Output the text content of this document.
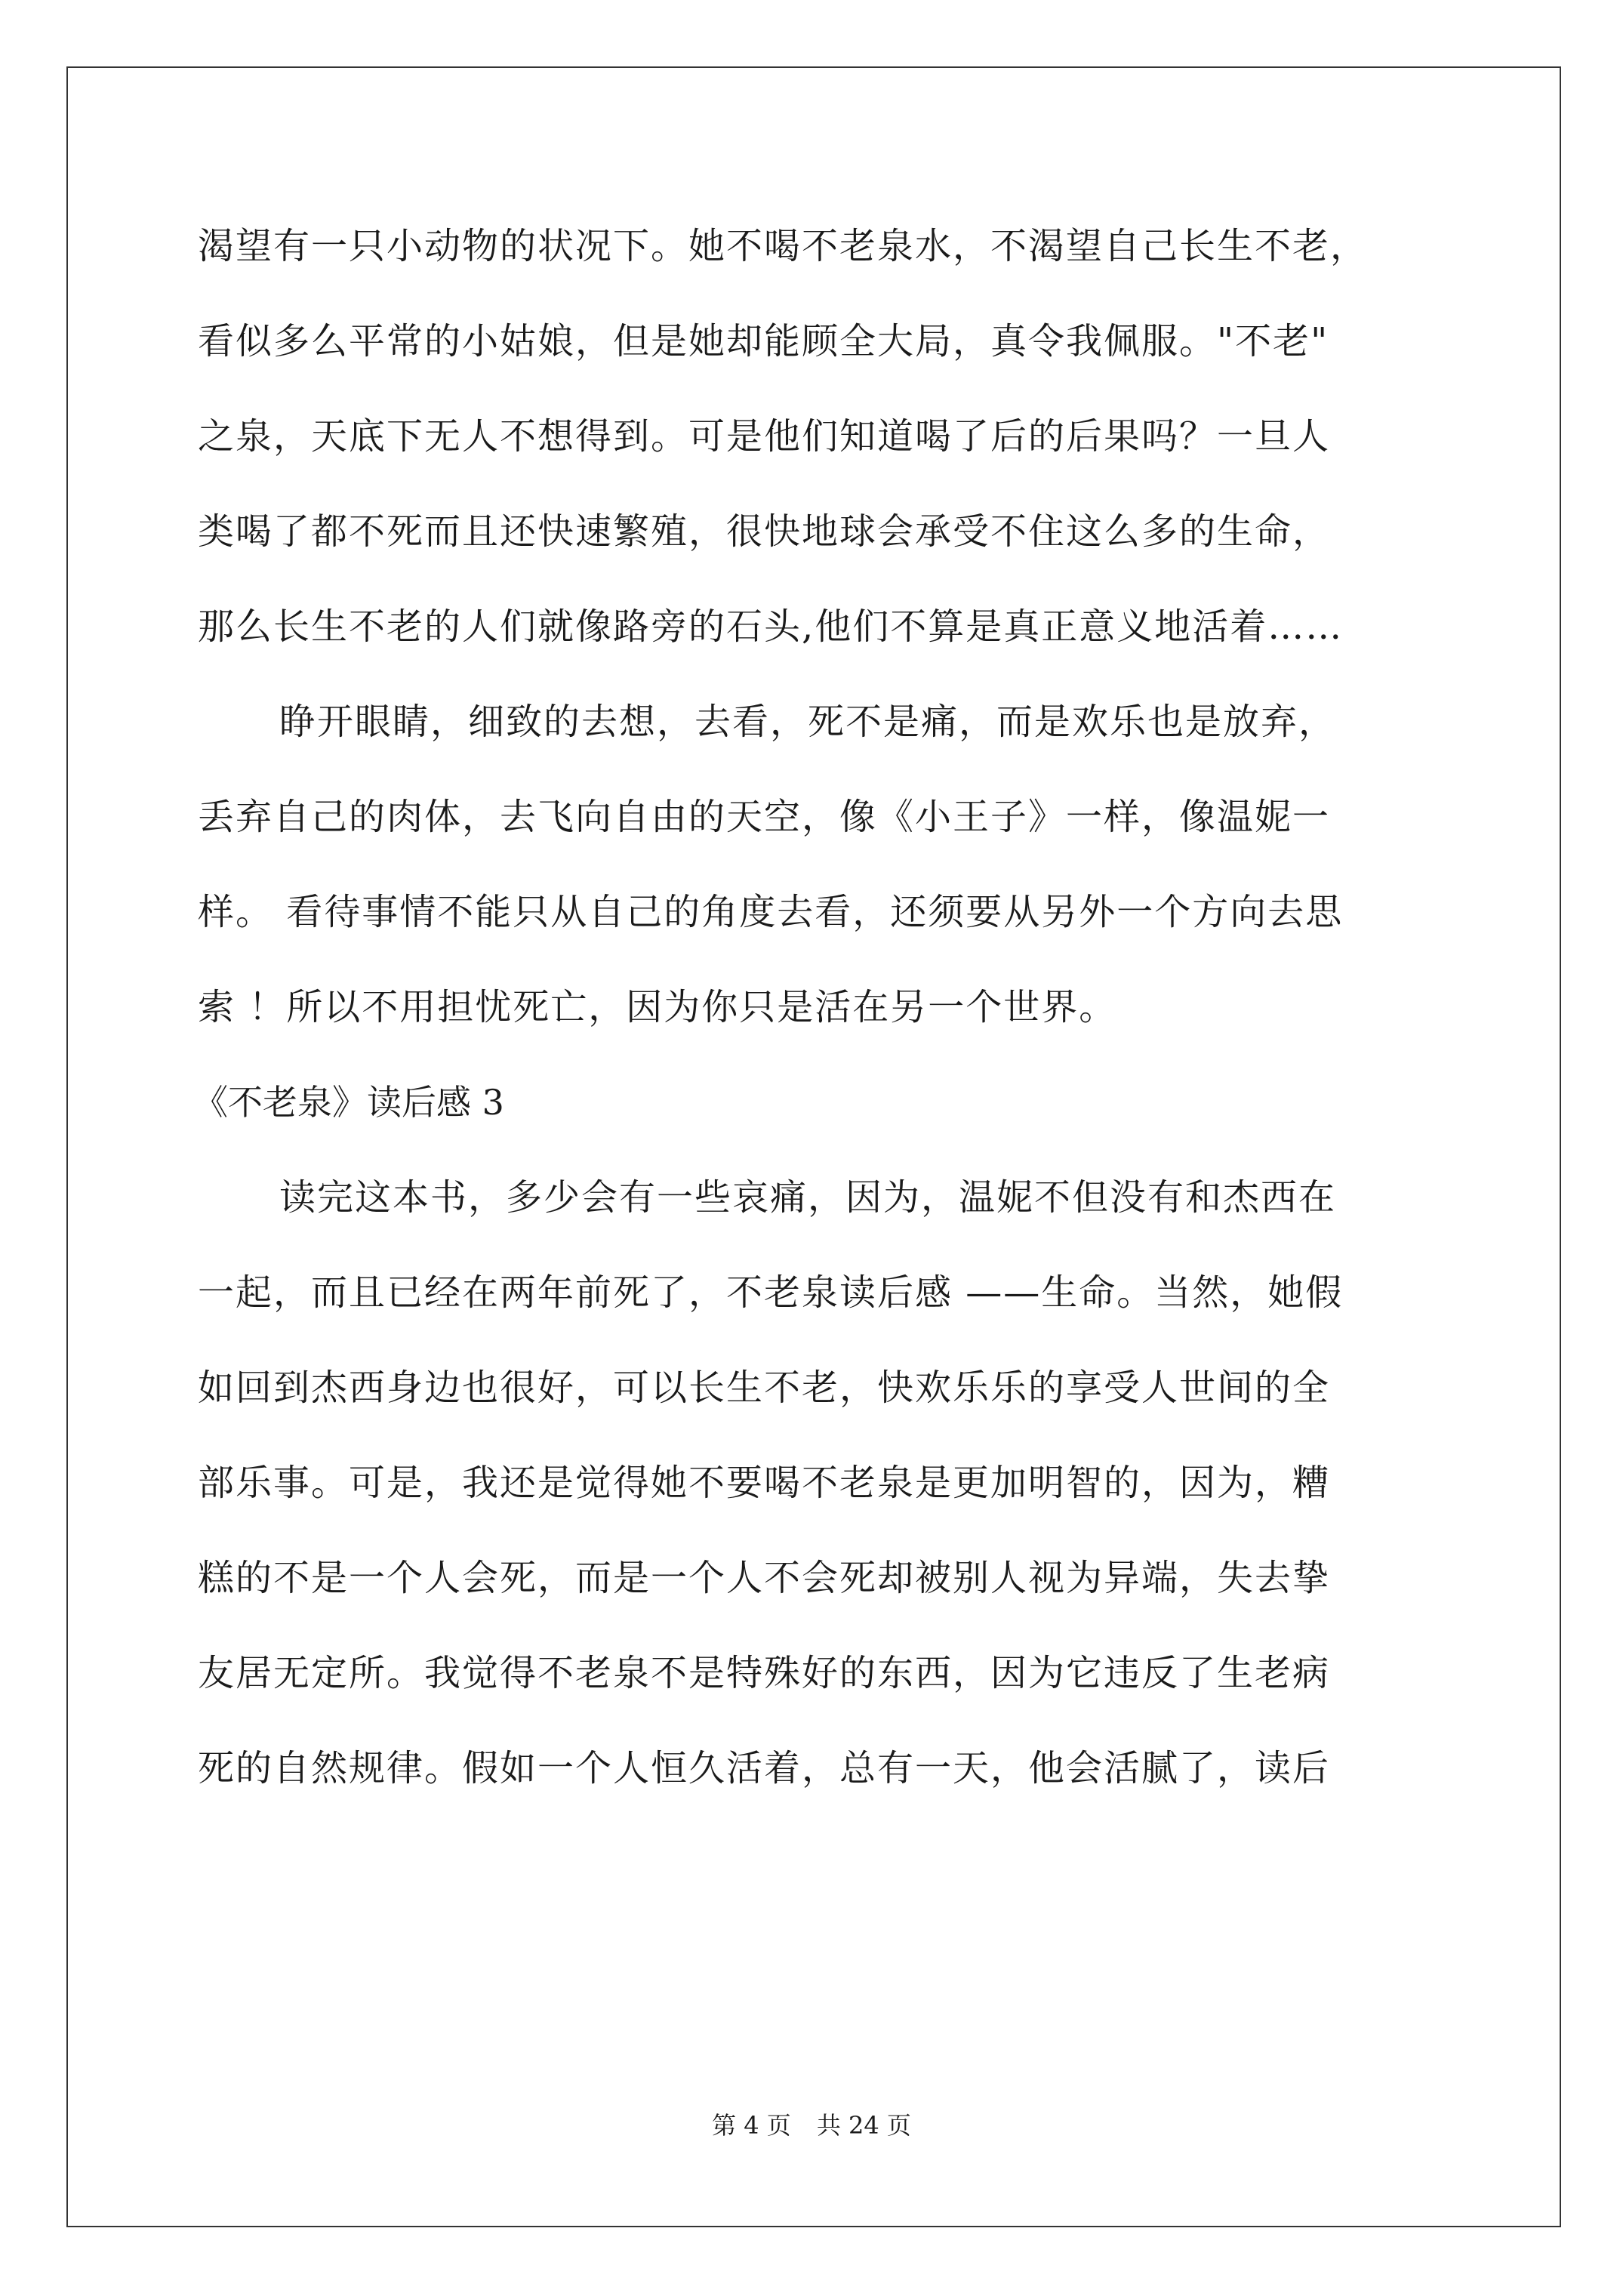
渴望有一只小动物的状况下。她不喝不老泉水，不渴望自己长生不老，
看似多么平常的小姑娘，但是她却能顾全大局，真令我佩服。"不老"
之泉，天底下无人不想得到。可是他们知道喝了后的后果吗？一旦人
类喝了都不死而且还快速繁殖，很快地球会承受不住这么多的生命，
那么长生不老的人们就像路旁的石头,他们不算是真正意义地活着……
睁开眼睛，细致的去想，去看，死不是痛，而是欢乐也是放弃，
丢弃自己的肉体，去飞向自由的天空，像《小王子》一样，像温妮一
样。 看待事情不能只从自己的角度去看，还须要从另外一个方向去思
索 ！所以不用担忧死亡，因为你只是活在另一个世界。
《不老泉》读后感 3
读完这本书，多少会有一些哀痛，因为，温妮不但没有和杰西在
一起，而且已经在两年前死了，不老泉读后感 ——生命。当然，她假
如回到杰西身边也很好，可以长生不老，快欢乐乐的享受人世间的全
部乐事。可是，我还是觉得她不要喝不老泉是更加明智的，因为，糟
糕的不是一个人会死，而是一个人不会死却被别人视为异端，失去挚
友居无定所。我觉得不老泉不是特殊好的东西，因为它违反了生老病
死的自然规律。假如一个人恒久活着，总有一天，他会活腻了，读后
第 4 页 共 24 页
